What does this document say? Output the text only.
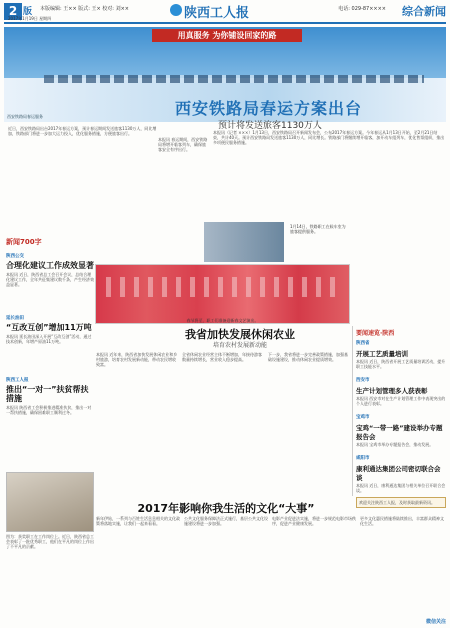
2 版 本版编辑: 王×× 版式: 王× 校对: 刘××
2017年1月19日 星期四	陕西工人报	电话: 029-87×××× 综合新闻
用真服务 为你铺设回家的路
西安铁路局春运服务	西安铁路局春运方案出台
预计将发送旅客1130万人
近日，西安铁路局出台2017年春运方案，预计春运期间发送旅客1130万人，同比增加，铁路部门将进一步加大运力投入，优化服务措施，方便旅客出行。
本报讯 春运期间，西安铁路局将增开临客列车，确保旅客安全有序出行。
本报讯（记者 ×××）1月13日，西安铁路局召开新闻发布会，公布2017年春运方案。今年春运从1月13日开始，至2月21日结束，共计40天。预计西安铁路局发送旅客1130万人，同比增长。铁路部门将继续增开临客，加开动车组列车，优化售票组织，推出多项便民服务措施。
1月14日，铁路职工在候车室为旅客提供服务。
新闻700字
陕西公交
合理化建议工作成效显著
本报讯 近日，陕西省总工会召开会议，总结合理化建议工作，全年共征集建议数千条，产生经济效益显著。
延长油田
“互改互创”增加11万吨
本报讯 延长油田深入开展“互改互创”活动，通过技术创新，年增产原油11万吨。
陕西工人报
推出“一对一”扶贫帮扶措施
本报讯 陕西省工会积极推进精准扶贫，推出一对一帮扶措施，确保困难职工顺利过冬。
春节将至，职工们准备迎新春文艺演出。
我省加快发展休闲农业
培育农村发展新动能
本报讯 近年来，陕西省加快发展休闲农业和乡村旅游，培育农村发展新动能，带动农民增收致富。
全省休闲农业经营主体不断增加，年接待游客数量持续增长，营业收入稳步提高。
下一步，我省将进一步完善政策措施，加强基础设施建设，推动休闲农业提质增效。
图为：获奖职工在工作岗位上。近日，陕西省总工会表彰了一批优秀职工，他们在平凡的岗位上作出了不平凡的贡献。
2017年影响你我生活的文化“大事”
新年伊始，一系列与百姓生活息息相关的文化政策将落地实施，让我们一起来看看。
公共文化服务保障法正式施行，基层公共文化设施建设将进一步加强。
电影产业促进法实施，将进一步规范电影市场秩序，促进产业健康发展。
更多文化惠民措施将陆续推出，丰富群众精神文化生活。
要闻速览·陕西
陕西省
开展工艺质量培训
本报讯 近日，陕西省开展工艺质量培训活动，提升职工技能水平。
西安市
生产计划管理多人获表彰
本报讯 西安市对在生产计划管理工作中表现突出的个人进行表彰。
宝鸡市
宝鸡“一带一路”建设举办专题报告会
本报讯 宝鸡市举办专题报告会，推动发展。
咸阳市
康利通达集团公司密切联合会谈
本报讯 近日，康利通达集团与相关单位召开联合会谈。
欢迎关注陕西工人报，及时获取最新资讯。
微信关注
